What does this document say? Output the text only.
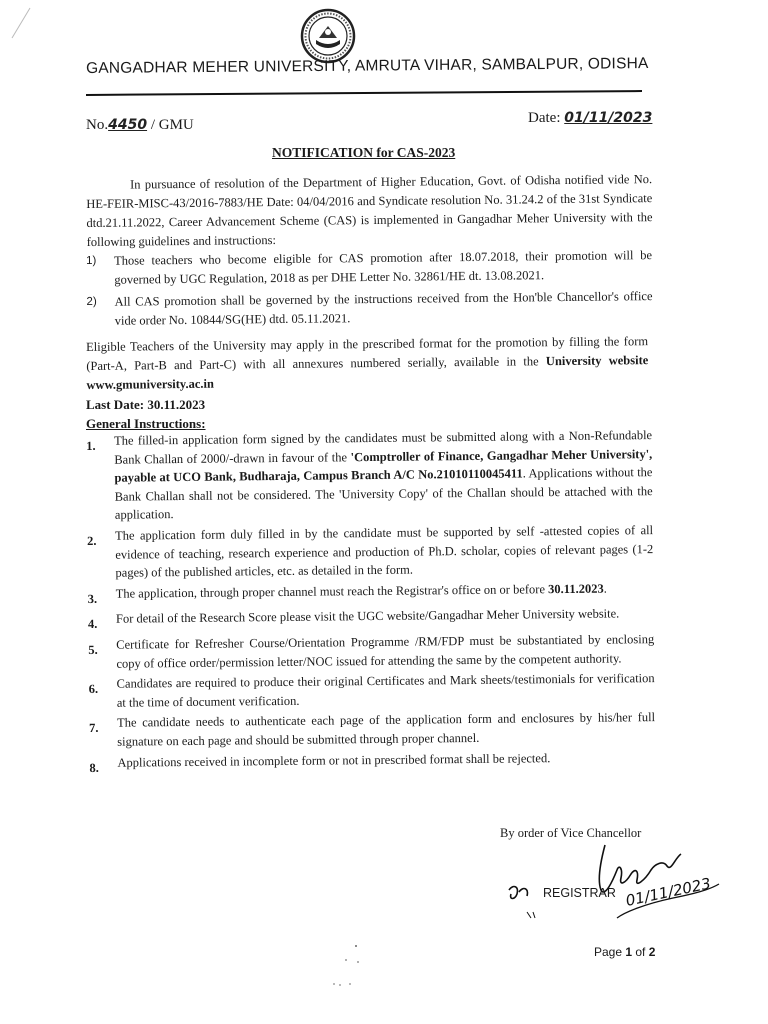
GANGADHAR MEHER UNIVERSITY, AMRUTA VIHAR, SAMBALPUR, ODISHA
No.4450 / GMU	Date: 01/11/2023
NOTIFICATION for CAS-2023
In pursuance of resolution of the Department of Higher Education, Govt. of Odisha notified vide No. HE-FEIR-MISC-43/2016-7883/HE Date: 04/04/2016 and Syndicate resolution No. 31.24.2 of the 31st Syndicate dtd.21.11.2022, Career Advancement Scheme (CAS) is implemented in Gangadhar Meher University with the following guidelines and instructions:
1)	Those teachers who become eligible for CAS promotion after 18.07.2018, their promotion will be governed by UGC Regulation, 2018 as per DHE Letter No. 32861/HE dt. 13.08.2021.
2)	All CAS promotion shall be governed by the instructions received from the Hon'ble Chancellor's office vide order No. 10844/SG(HE) dtd. 05.11.2021.
Eligible Teachers of the University may apply in the prescribed format for the promotion by filling the form (Part-A, Part-B and Part-C) with all annexures numbered serially, available in the University website www.gmuniversity.ac.in
Last Date: 30.11.2023
General Instructions:
1.	The filled-in application form signed by the candidates must be submitted along with a Non-Refundable Bank Challan of 2000/-drawn in favour of the 'Comptroller of Finance, Gangadhar Meher University', payable at UCO Bank, Budharaja, Campus Branch A/C No.21010110045411. Applications without the Bank Challan shall not be considered. The 'University Copy' of the Challan should be attached with the application.
2.	The application form duly filled in by the candidate must be supported by self -attested copies of all evidence of teaching, research experience and production of Ph.D. scholar, copies of relevant pages (1-2 pages) of the published articles, etc. as detailed in the form.
3.	The application, through proper channel must reach the Registrar's office on or before 30.11.2023.
4.	For detail of the Research Score please visit the UGC website/Gangadhar Meher University website.
5.	Certificate for Refresher Course/Orientation Programme /RM/FDP must be substantiated by enclosing copy of office order/permission letter/NOC issued for attending the same by the competent authority.
6.	Candidates are required to produce their original Certificates and Mark sheets/testimonials for verification at the time of document verification.
7.	The candidate needs to authenticate each page of the application form and enclosures by his/her full signature on each page and should be submitted through proper channel.
8.	Applications received in incomplete form or not in prescribed format shall be rejected.
By order of Vice Chancellor
01/11/2023
REGISTRAR
Page 1 of 2
